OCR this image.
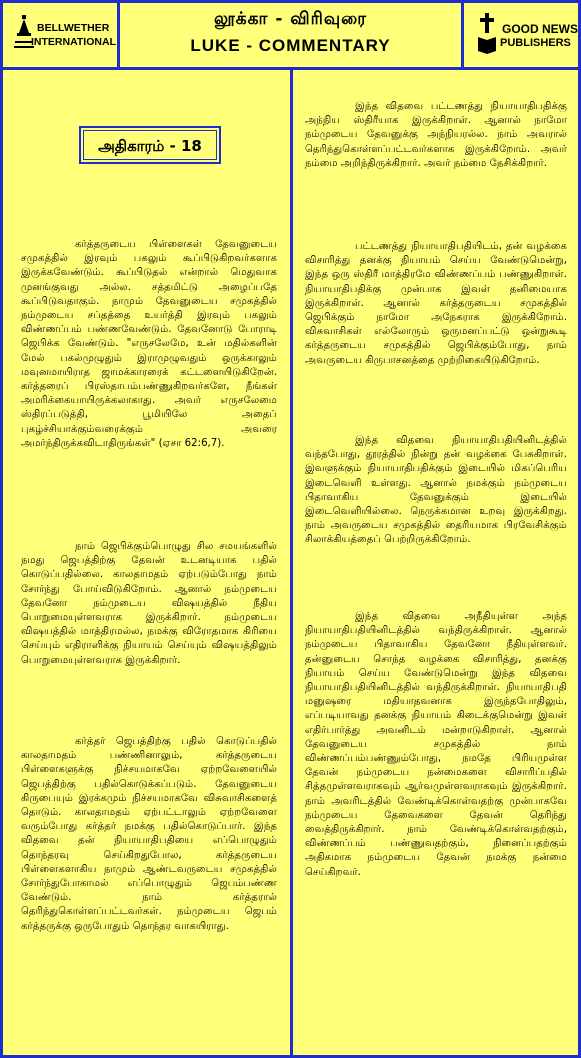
BELLWETHER
INTERNATIONAL
லூக்கா - விரிவுரை
LUKE - COMMENTARY
GOOD NEWS
PUBLISHERS
அதிகாரம் - 18
கர்த்தருடைய பிள்ளைகள் தேவனுடைய சமுகத்தில் இரவும் பகலும் கூப்பிடுகிறவர்களாக இருக்கவேண்டும். கூப்பிடுதல் என்றால் மெதுவாக முனங்குவது அல்ல. சத்தமிட்டு அழைப்பதே கூப்பிடுவதாகும். நாமும் தேவனுடைய சமுகத்தில் நம்முடைய சப்தத்தை உயர்த்தி இரவும் பகலும் விண்ணப்பம் பண்ணவேண்டும். தேவனோடு போராடி ஜெபிக்க வேண்டும். "எருசலேமே, உன் மதில்களின் மேல் பகல்முழுதும் இராமுழுவதும் ஒருக்காலும் மவுனமாயிராத ஜாமக்காரரைக் கட்டளையிடுகிறேன். கர்த்தரைப் பிரஸ்தாபம்பண்ணுகிறவர்களே, நீங்கள் அமரிக்கையாயிருக்கலாகாது. அவர் எருசலேமை ஸ்திரப்படுத்தி, பூமியிலே அதைப் புகழ்ச்சியாக்கும்வரைக்கும் அவரை அமர்ந்திருக்கவிடாதிருங்கள்" (ஏசா 62:6,7).
நாம் ஜெபிக்கும்பொழுது சில சமயங்களில் நமது ஜெபத்திற்கு தேவன் உடனடியாக பதில் கொடுப்பதில்லை. காலதாமதம் ஏற்படும்போது நாம் சோர்ந்து போய்விடுகிறோம். ஆனால் நம்முடைய தேவனோ நம்முடைய விஷயத்தில் நீதிய பொறுமையுள்ளவராக இருக்கிறார். நம்முடைய விஷயத்தில் மாத்திரமல்ல, நமக்கு விரோதமாக கிரியை செய்யும் எதிராளிக்கு நியாயம் செய்யும் விஷயத்திலும் பொறுமையுள்ளவராக இருக்கிறார்.
கர்த்தர் ஜெபத்திற்கு பதில் கொடுப்பதில் காலதாமதம் பண்ணினாலும், கர்த்தருடைய பிள்ளைகளுக்கு நிச்சயமாகவே ஏற்றவேளையில் ஜெபத்திற்கு பதில்கொடுக்கப்படும். தேவனுடைய கிருபையும் இரக்கமும் நிச்சயமாகவே விசுவாசிகளைத் தொடும். காலதாமதம் ஏற்பட்டாலும் ஏற்றவேளை வரும்போது கர்த்தர் நமக்கு பதில்கொடுப்பார். இந்த விதவை தன் நியாயாதிபதியை எப்பொழுதும் தொந்தரவு செய்கிறதுபோல, கர்த்தருடைய பிள்ளைகளாகிய நாமும் ஆண்டவருடைய சமுகத்தில் சோர்ந்துபோகாமல் எப்பொழுதும் ஜெபம்பண்ண வேண்டும். நாம் கர்த்தரால் தெரிந்துகொள்ளப்பட்டவர்கள். நம்முடைய ஜெபம் கர்த்தருக்கு ஒருபோதும் தொந்தர வாகயிராது.
இந்த விதவை பட்டணத்து நியாயாதிபதிக்கு அந்நிய ஸ்திரீயாக இருக்கிறாள். ஆனால் நாமோ நம்முடைய தேவனுக்கு அந்நியரல்ல. நாம் அவரால் தெரிந்துகொள்ளப்பட்டவர்களாக இருக்கிறோம். அவர் நம்மை அறிந்திருக்கிறார். அவர் நம்மை நேசிக்கிறார்.
பட்டணத்து நியாயாதிபதியிடம், தன் வழக்கை விசாரித்து தனக்கு நியாயம் செய்ய வேண்டுமென்று, இந்த ஒரு ஸ்திரீ மாத்திரமே விண்ணப்பம் பண்ணுகிறாள். நியாயாதிபதிக்கு முன்பாக இவள் தனிமையாக இருக்கிறாள். ஆனால் கர்த்தருடைய சமுகத்தில் ஜெபிக்கும் நாமோ அநேகராக இருக்கிறோம். விசுவாசிகள் எல்லோரும் ஒருமனப்பட்டு ஒன்றுகூடி கர்த்தருடைய சமுகத்தில் ஜெபிக்கும்போது, நாம் அவருடைய கிருபாசனத்தை முற்றிகையிடுகிறோம்.
இந்த விதவை நியாயாதிபதியினிடத்தில் வந்தபோது, தூரத்தில் நின்று தன் வழக்கை பேசுகிறாள். இவளுக்கும் நியாயாதிபதிக்கும் இடையில் மிகப்பெரிய இடைவெளி உள்ளது. ஆனால் நமக்கும் நம்முடைய பிதாவாகிய தேவனுக்கும் இடையில் இடைவெளியில்லை. நெருக்கமான உறவு இருக்கிறது. நாம் அவருடைய சமுகத்தில் தைரியமாக பிரவேசிக்கும் சிலாக்கியத்தைப் பெற்றிருக்கிறோம்.
இந்த விதவை அநீதியுள்ள அந்த நியாயாதிபதியினிடத்தில் வந்திருக்கிறாள். ஆனால் நம்முடைய பிதாவாகிய தேவனோ நீதியுள்ளவர். தன்னுடைய சொந்த வழக்கை விசாரித்து, தனக்கு நியாயம் செய்ய வேண்டுமென்று இந்த விதவை நியாயாதிபதியினிடத்தில் வந்திருக்கிறாள். நியாயாதிபதி மனுஷரை மதியாதவனாக இருந்தபோதிலும், எப்படியாவது தனக்கு நியாயம் கிடைக்குமென்று இவள் எதிர்பார்த்து அவனிடம் மன்றாடுகிறாள். ஆனால் தேவனுடைய சமுகத்தில் நாம் விண்ணப்பம்பண்ணும்போது, நமதே பிரியமுள்ள தேவன் நம்முடைய நன்மைகளை விசாரிப்பதில் சித்தமுள்ளவராகவும் ஆர்வமுள்ளவராகவும் இருக்கிறார். நாம் அவரிடத்தில் வேண்டிக்கொள்வதற்கு முன்பாகவே நம்முடைய தேவைகளை தேவன் தெரிந்து வைத்திருக்கிறார். நாம் வேண்டிக்கொள்வதற்கும், விண்ணப்பம் பண்ணுவதற்கும், நினைப்பதற்கும் அதிகமாக நம்முடைய தேவன் நமக்கு நன்மை செய்கிறவர்.
